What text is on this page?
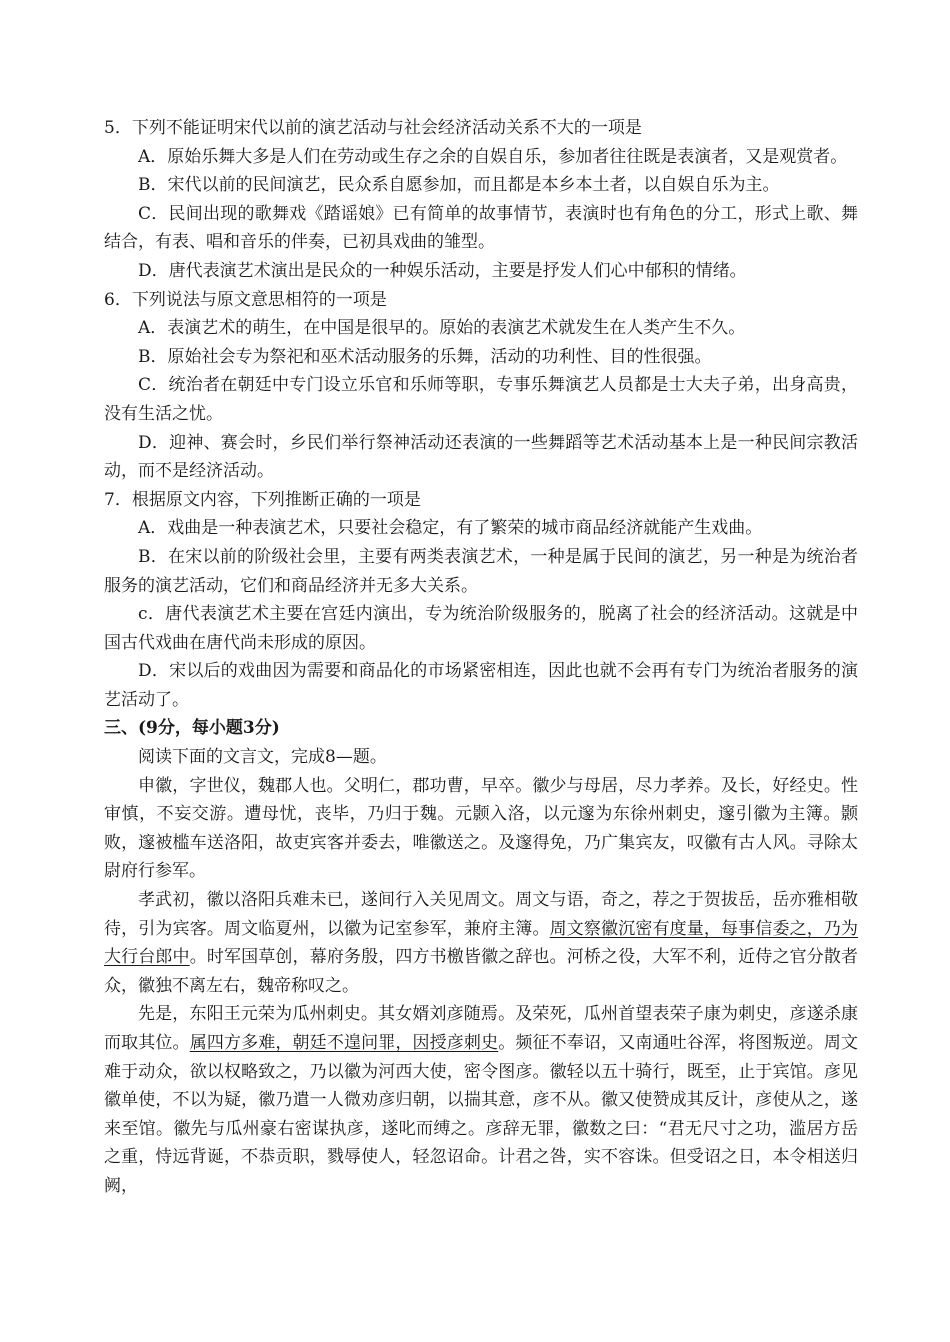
5．下列不能证明宋代以前的演艺活动与社会经济活动关系不大的一项是

A．原始乐舞大多是人们在劳动或生存之余的自娱自乐，参加者往往既是表演者，又是观赏者。

B．宋代以前的民间演艺，民众系自愿参加，而且都是本乡本土者，以自娱自乐为主。

C．民间出现的歌舞戏《踏谣娘》已有简单的故事情节，表演时也有角色的分工，形式上歌、舞结合，有表、唱和音乐的伴奏，已初具戏曲的雏型。

D．唐代表演艺术演出是民众的一种娱乐活动，主要是抒发人们心中郁积的情绪。

6．下列说法与原文意思相符的一项是

A．表演艺术的萌生，在中国是很早的。原始的表演艺术就发生在人类产生不久。

B．原始社会专为祭祀和巫术活动服务的乐舞，活动的功利性、目的性很强。

C．统治者在朝廷中专门设立乐官和乐师等职，专事乐舞演艺人员都是士大夫子弟，出身高贵，没有生活之忧。

D．迎神、赛会时，乡民们举行祭神活动还表演的一些舞蹈等艺术活动基本上是一种民间宗教活动，而不是经济活动。

7．根据原文内容，下列推断正确的一项是

A．戏曲是一种表演艺术，只要社会稳定，有了繁荣的城市商品经济就能产生戏曲。

B．在宋以前的阶级社会里，主要有两类表演艺术，一种是属于民间的演艺，另一种是为统治者服务的演艺活动，它们和商品经济并无多大关系。

c．唐代表演艺术主要在宫廷内演出，专为统治阶级服务的，脱离了社会的经济活动。这就是中国古代戏曲在唐代尚未形成的原因。

D．宋以后的戏曲因为需要和商品化的市场紧密相连，因此也就不会再有专门为统治者服务的演艺活动了。

三、(9分，每小题3分)

阅读下面的文言文，完成8—题。

申徽，字世仪，魏郡人也。父明仁，郡功曹，早卒。徽少与母居，尽力孝养。及长，好经史。性审慎，不妄交游。遭母忧，丧毕，乃归于魏。元颢入洛，以元邃为东徐州刺史，邃引徽为主簿。颢败，邃被槛车送洛阳，故吏宾客并委去，唯徽送之。及邃得免，乃广集宾友，叹徽有古人风。寻除太尉府行参军。

孝武初，徽以洛阳兵难未已，遂间行入关见周文。周文与语，奇之，荐之于贺拔岳，岳亦雅相敬待，引为宾客。周文临夏州，以徽为记室参军，兼府主簿。周文察徽沉密有度量，每事信委之，乃为大行台郎中。时军国草创，幕府务殷，四方书檄皆徽之辞也。河桥之役，大军不利，近侍之官分散者众，徽独不离左右，魏帝称叹之。

先是，东阳王元荣为瓜州刺史。其女婿刘彦随焉。及荣死，瓜州首望表荣子康为刺史，彦遂杀康而取其位。属四方多难，朝廷不遑问罪，因授彦刺史。频征不奉诏，又南通吐谷浑，将图叛逆。周文难于动众，欲以权略致之，乃以徽为河西大使，密令图彦。徽轻以五十骑行，既至，止于宾馆。彦见徽单使，不以为疑，徽乃遣一人微劝彦归朝，以揣其意，彦不从。徽又使赞成其反计，彦使从之，遂来至馆。徽先与瓜州豪右密谋执彦，遂叱而缚之。彦辞无罪，徽数之曰：“君无尺寸之功，滥居方岳之重，恃远背诞，不恭贡职，戮辱使人，轻忽诏命。计君之咎，实不容诛。但受诏之日，本令相送归阙，
